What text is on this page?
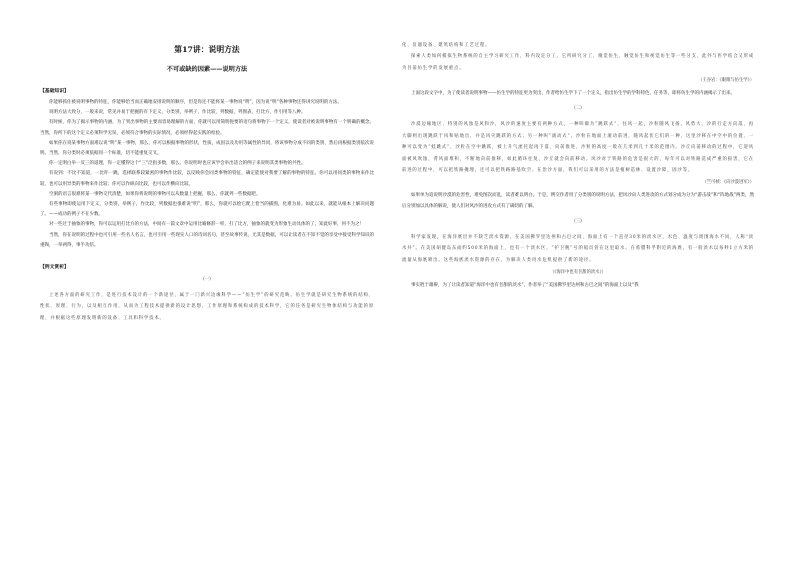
第17讲：说明方法
不可或缺的因素——说明方法
【基础知识】

你能够抓住被说明事物的特征，你能够恰当而正确地安排说明的顺序，但是你还不能将某一事物说“明”，因为说“明”各种事物还得讲究说明的方法。

说明方法大致分，一般来说，常见并易于把握的有下定义，分类别，举例子，作比较，列数据，列图表，打比方，作引用等八种。

有时候，你为了揭示事物的内涵，为了突出事物的主要而容易理解的方面，你就可以用简明扼要的语句将事物下一个定义，使读者对被说明事物有一个明确的概念。当然，你所下的这个定义必须科学无误，必须符合事物的实际情况，必须经得起实践的检验。

如果你在说某事物方面难以说“明”某一事物，那么，你可以根据事物的形状，性质，成因以及功用等属性的异同，将该事物分成不同的类别，然后再根据类别依次说明。当然，你分类时必须依据同一个标准，切不能重复交叉。

你一定明白举一反三的道理，你一定懂得这个“三”泛指多数，那么，你说明时也应该学会举出适合的例子来说明其类事物的共性。

有说到：不比不知道，一比吓一跳。选择联系较紧密的事物作比较，以反映你会同类事物的特征，确定能使对我要了解的事物的特征。你可以用同类的事物来作比较，也可以用异类的事物来作比较；你可以作纵向比较，也可以作横向比较。

空洞的语言很难将某一事物交代清楚，如果你将说明的事物可以从数量上把握，那么，你就列一些数据吧。

有些事物即使运用下定义，分类别，举例子，作比较，列数据也很难说“明”，那么，你就可以绘它配上恰当的插图，化难为易。如此以来，就能从根本上解决问题了。——成功的例子不在少数。

对一些过于抽象的事物，你可以运用打比方的方法，中间有一篇文章中运用比喻修辞一样，打了比方，抽象的就变为形象生动具体的了，知此好事，何不为之！

当然，你在说明的过程中也可引用一些名人名言，也可引用一些现实人口的诗词名句，甚至故事传说，尤其是数据，可以让读者在不知不觉的享受中接受科学知识的重陶，一举两得，事半功倍。

【例文赏析】
(一)

上述各方面的研究工作，是进行技术设计的一个新途径，属于一门新兴边缘科学——“仿生学”的研究范畴。仿生学就是研究生物系统的结构、性状、原理、行为，以及相互作用，从而为工程技术提供新的设计思想、工作原理和系统构成的技术科学，它的任务是研究生物体结构与功能的原理，并根据这些原理发明新的设备、工具和科学技术。

化、仪器设备、建筑结构和工艺过程。

探索人类如何模拟生物系统的自主学习研究工作，科内设定分工，它所研究分工、嗅觉仿生、触觉仿生和视觉仿生等一些分支，此外与医学结合又形成为目前仿生学的发展重点。

（王谷岩：《眼睛与仿生学》）

上面这段文字中，为了使读者说明事物——仿生学的特征更为突出，作者给仿生学下了一个定义，指出仿生学的学科特色，任务等，即将仿生学的内涵揭示了出来。

(二)

沙漠边缘地区，特别的风蚀是风和沙，风沙的速度主要有两种方式，一种叫做为“跳跃式”，往风一起，沙粒随风飞扬，风势大，沙的行走方向落，再大脚则出现跳跃于风和贴地出，并是风灾跳跃的方式；另一种叫“滚动式”，沙粒在地面上滚动前进，随风起伏它们的一种，这里沙移在中空中的位置，一种可以变为“蛙跳式”，沙粒在空中跳跃，被上升气流托起再下落，向前推进，沙粒的高度一般在几米到几十米的范围内。沙丘向前移动的过程中，它迎风面被风吹蚀，背风面堆积，不断地向前推移，如此循环往复，沙丘就会向前移动。风沙对于铁路的危害是很大的，每年可以对铁路造成严重的损害，它在前进的过程中，可以把铁路掩埋，还可以把铁路路基吹空。在治沙方面，我们可以采用的方法是植树造林、设置沙障、固沙等。

（竺可桢：《向沙漠进军》）

如果单为追说明沙漠的危害性，难免图次而乱，读者难以明白。于是，例交作者用了分类别的说明方法，把风沙向人类进攻的方式划分成为分为“游击战”和“阵地战”两类，然后分别加以具体的解说，使人们对风沙的进攻方式有了确切的了解。

(三)

科学家发现，在海洋底层并不缺乏淡水资源，在美国佛罗里达州和古巴之间，海面上有一个直径30米的淡水区，水色、温度与周围海水不同，人称“淡水井”。在美国胡健岛东面约500米的海面上，也有一个淡水区，“护卫舰”号的船员曾在这里取水。在希腊科孚附近的海底，有一股淡水以每秒1立方米的流量从海底喷出。这些海底淡水资源的存在，为解决人类用水危机提供了新的途径。

（《海洋中也有甘甜的淡水》）

事实胜于雄辩，为了让读者知道“海洋中也有甘甜的淡水”，作者举了“美国佛罗里达州和古巴之间”的海面上以及“我
